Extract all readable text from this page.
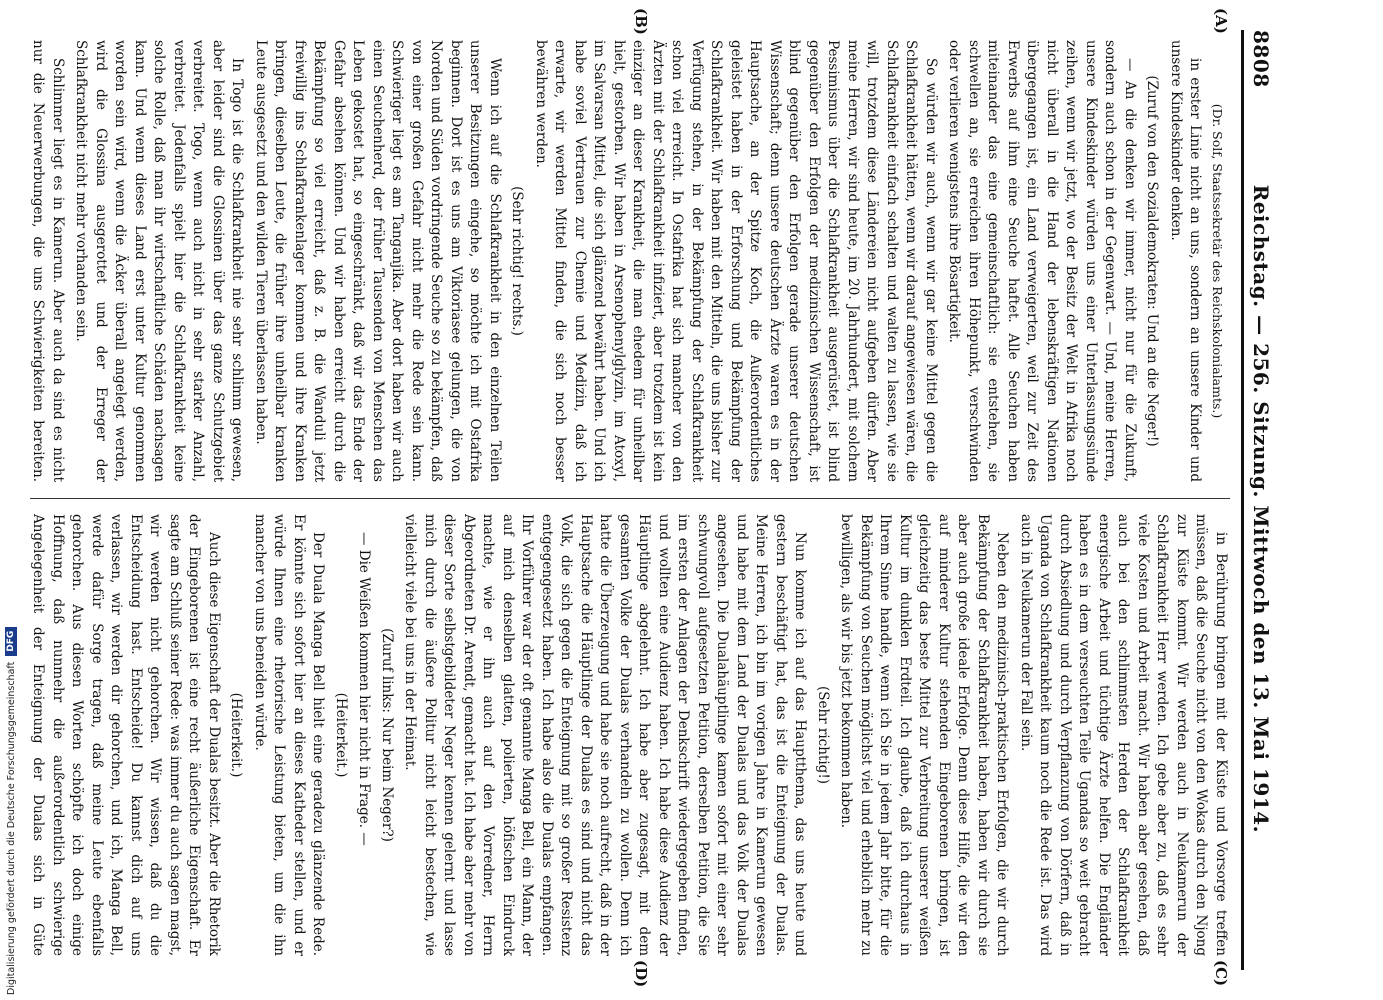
8808
Reichstag. — 256. Sitzung. Mittwoch den 13. Mai 1914.
(A)
(B)
(C)
(D)

(Dr. Solf, Staatssekretär des Reichskolonialamts.)

in erster Linie nicht an uns, sondern an unsere Kinder und unsere Kindeskinder denken.

(Zuruf von den Sozialdemokraten: Und an die Neger!)

— An die denken wir immer, nicht nur für die Zukunft, sondern auch schon in der Gegenwart. — Und, meine Herren, unsere Kindeskinder würden uns einer Unterlassungssünde zeihen, wenn wir jetzt, wo der Besitz der Welt in Afrika noch nicht überall in die Hand der lebenskräftigen Nationen übergegangen ist, ein Land verweigerten, weil zur Zeit des Erwerbs auf ihm eine Seuche haftet. Alle Seuchen haben miteinander das eine gemeinschaftlich: sie entstehen, sie schwellen an, sie erreichen ihren Höhepunkt, verschwinden oder verlieren wenigstens ihre Bösartigkeit.

So würden wir auch, wenn wir gar keine Mittel gegen die Schlafkrankheit hätten, wenn wir darauf angewiesen wären, die Schlafkrankheit einfach schalten und walten zu lassen, wie sie will, trotzdem diese Ländereien nicht aufgeben dürfen. Aber meine Herren, wir sind heute, im 20. Jahrhundert, mit solchem Pessimismus über die Schlafkrankheit ausgerüstet, ist blind gegenüber den Erfolgen der medizinischen Wissenschaft, ist blind gegenüber den Erfolgen gerade unserer deutschen Wissenschaft; denn unsere deutschen Ärzte waren es in der Hauptsache, an der Spitze Koch, die Außerordentliches geleistet haben in der Erforschung und Bekämpfung der Schlafkrankheit. Wir haben mit den Mitteln, die uns bisher zur Verfügung stehen, in der Bekämpfung der Schlafkrankheit schon viel erreicht. In Ostafrika hat sich mancher von den Ärzten mit der Schlafkrankheit infiziert, aber trotzdem ist kein einziger an dieser Krankheit, die man ehedem für unheilbar hielt, gestorben. Wir haben in Arsenophenylglyzin, im Atoxyl, im Salvarsan Mittel, die sich glänzend bewährt haben. Und ich habe soviel Vertrauen zur Chemie und Medizin, daß ich erwarte, wir werden Mittel finden, die sich noch besser bewähren werden.

(Sehr richtig! rechts.)

Wenn ich auf die Schlafkrankheit in den einzelnen Teilen unserer Besitzungen eingehe, so möchte ich mit Ostafrika beginnen. Dort ist es uns am Viktoriasee gelungen, die von Norden und Süden vordringende Seuche so zu bekämpfen, daß von einer großen Gefahr nicht mehr die Rede sein kann. Schwieriger liegt es am Tanganjika. Aber dort haben wir auch einen Seuchenherd, der früher Tausenden von Menschen das Leben gekostet hat, so eingeschränkt, daß wir das Ende der Gefahr absehen können. Und wir haben erreicht durch die Bekämpfung so viel erreicht, daß z. B. die Wanduli jetzt freiwillig ins Schlafkrankenlager kommen und ihre Kranken bringen, dieselben Leute, die früher ihre unheilbar kranken Leute ausgesetzt und den wilden Tieren überlassen haben.

In Togo ist die Schlafkrankheit nie sehr schlimm gewesen, aber leider sind die Glossinen über das ganze Schutzgebiet verbreitet. Togo, wenn auch nicht in sehr starker Anzahl, verbreitet. Jedenfalls spielt hier die Schlafkrankheit keine solche Rolle, daß man ihr wirtschaftliche Schäden nachsagen kann. Und wenn dieses Land erst unter Kultur genommen worden sein wird, wenn die Äcker überall angelegt werden, wird die Glossina ausgerottet und der Erreger der Schlafkrankheit nicht mehr vorhanden sein.

Schlimmer liegt es in Kamerun. Aber auch da sind es nicht nur die Neuerwerbungen, die uns Schwierigkeiten bereiten.

in Berührung bringen mit der Küste und Vorsorge treffen müssen, daß die Seuche nicht von den Wokas durch den Njong zur Küste kommt. Wir werden auch in Neukamerun der Schlafkrankheit Herr werden. Ich gebe aber zu, daß es sehr viele Kosten und Arbeit macht. Wir haben aber gesehen, daß auch bei den schlimmsten Herden der Schlafkrankheit energische Arbeit und tüchtige Ärzte helfen. Die Engländer haben es in dem verseuchten Teile Ugandas so weit gebracht durch Absiedlung und durch Verpflanzung von Dörfern, daß in Uganda von Schlafkrankheit kaum noch die Rede ist. Das wird auch in Neukamerun der Fall sein.

Neben den medizinisch-praktischen Erfolgen, die wir durch Bekämpfung der Schlafkrankheit haben, haben wir durch sie aber auch große ideale Erfolge. Denn diese Hilfe, die wir den auf minderer Kultur stehenden Eingeborenen bringen, ist gleichzeitig das beste Mittel zur Verbreitung unserer weißen Kultur im dunklen Erdteil. Ich glaube, daß ich durchaus in Ihrem Sinne handle, wenn ich Sie in jedem Jahr bitte, für die Bekämpfung von Seuchen möglichst viel und erheblich mehr zu bewilligen, als wir bis jetzt bekommen haben.

(Sehr richtig!)

Nun komme ich auf das Hauptthema, das uns heute und gestern beschäftigt hat, das ist die Enteignung der Dualas. Meine Herren, ich bin im vorigen Jahre in Kamerun gewesen und habe mit dem Land der Dualas und das Volk der Dualas angesehen. Die Dualahäuptlinge kamen sofort mit einer sehr schwungvoll aufgesetzten Petition, derselben Petition, die Sie im ersten der Anlagen der Denkschrift wiedergegeben finden, und wollten eine Audienz haben. Ich habe diese Audienz der Häuptlinge abgelehnt. Ich habe aber zugesagt, mit dem gesamten Volke der Dualas verhandeln zu wollen. Denn ich hatte die Überzeugung und habe sie noch aufrecht, daß in der Hauptsache die Häuptlinge der Dualas es sind und nicht das Volk, die sich gegen die Enteignung mit so großer Resistenz entgegengesetzt haben. Ich habe also die Dualas empfangen. Ihr Vorführer war der oft genannte Manga Bell, ein Mann, der auf mich denselben glatten, polierten, höfischen Eindruck machte, wie er ihn auch auf den Vorredner, Herrn Abgeordneten Dr. Arendt, gemacht hat. Ich habe aber mehr von dieser Sorte selbstgebildeter Neger kennen gelernt und lasse mich durch die äußere Politur nicht leicht bestechen, wie vielleicht viele bei uns in der Heimat.

(Zuruf links: Nur beim Neger?)

— Die Weißen kommen hier nicht in Frage. —

(Heiterkeit.)

Der Duala Manga Bell hielt eine geradezu glänzende Rede. Er könnte sich sofort hier an dieses Katheder stellen, und er würde Ihnen eine rhetorische Leistung bieten, um die ihn mancher von uns beneiden würde.

(Heiterkeit.)

Auch diese Eigenschaft der Dualas besitzt. Aber die Rhetorik der Eingeborenen ist eine recht äußerliche Eigenschaft. Er sagte am Schluß seiner Rede: was immer du auch sagen magst, wir werden nicht gehorchen. Wir wissen, daß du die Entscheidung hast. Entscheide! Du kannst dich auf uns verlassen, wir werden dir gehorchen, und ich, Manga Bell, werde dafür Sorge tragen, daß meine Leute ebenfalls gehorchen. Aus diesen Worten schöpfte ich doch einige Hoffnung, daß nunmehr die außerordentlich schwierige Angelegenheit der Enteignung der Dualas sich in Güte

Digitalisierung gefördert durch die Deutsche Forschungsgemeinschaft
DFG
